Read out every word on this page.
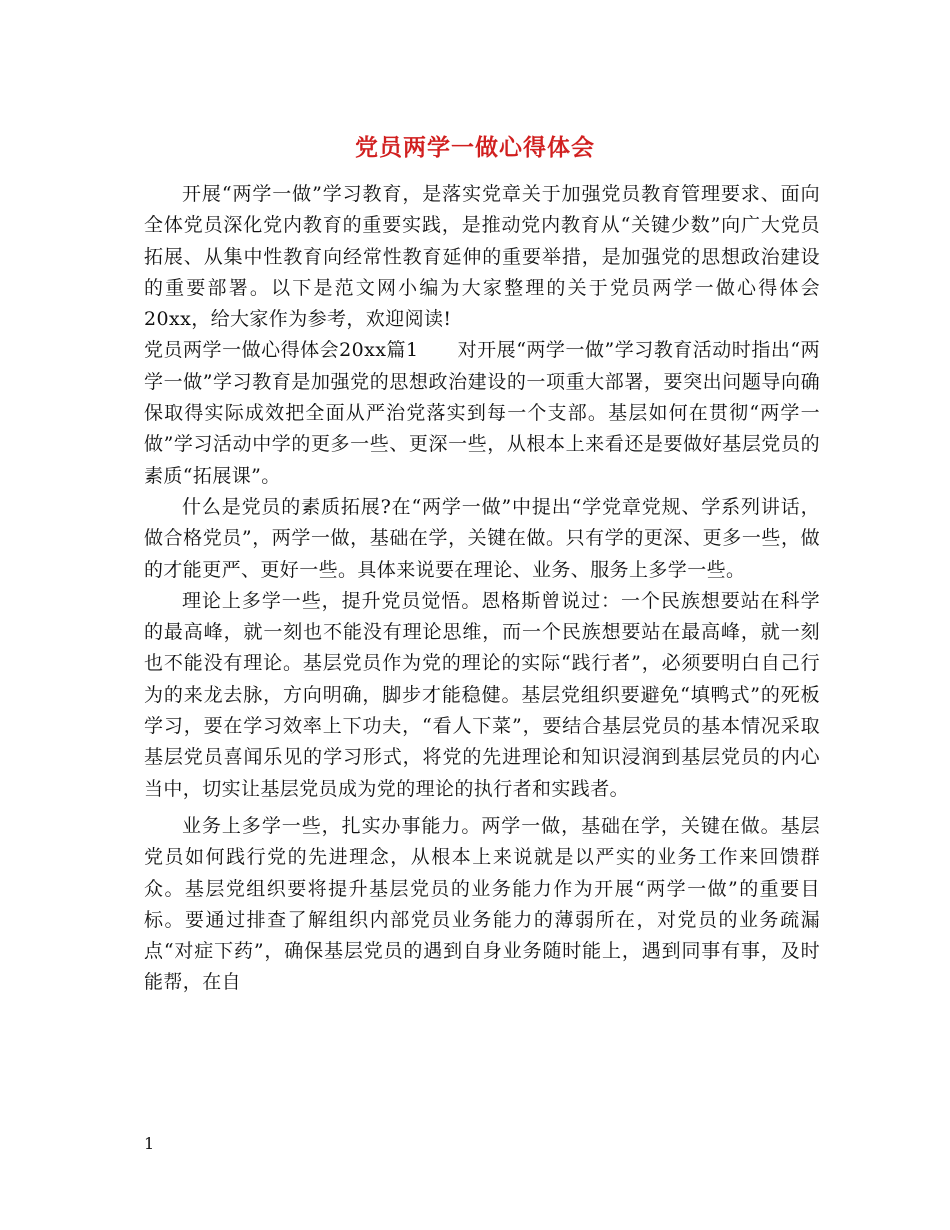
党员两学一做心得体会

开展“两学一做”学习教育，是落实党章关于加强党员教育管理要求、面向全体党员深化党内教育的重要实践，是推动党内教育从“关键少数”向广大党员拓展、从集中性教育向经常性教育延伸的重要举措，是加强党的思想政治建设的重要部署。以下是范文网小编为大家整理的关于党员两学一做心得体会20xx，给大家作为参考，欢迎阅读!

党员两学一做心得体会20xx篇1　　对开展“两学一做”学习教育活动时指出“两学一做”学习教育是加强党的思想政治建设的一项重大部署，要突出问题导向确保取得实际成效把全面从严治党落实到每一个支部。基层如何在贯彻“两学一做”学习活动中学的更多一些、更深一些，从根本上来看还是要做好基层党员的素质“拓展课”。

什么是党员的素质拓展?在“两学一做”中提出“学党章党规、学系列讲话，做合格党员”，两学一做，基础在学，关键在做。只有学的更深、更多一些，做的才能更严、更好一些。具体来说要在理论、业务、服务上多学一些。

理论上多学一些，提升党员觉悟。恩格斯曾说过：一个民族想要站在科学的最高峰，就一刻也不能没有理论思维，而一个民族想要站在最高峰，就一刻也不能没有理论。基层党员作为党的理论的实际“践行者”，必须要明白自己行为的来龙去脉，方向明确，脚步才能稳健。基层党组织要避免“填鸭式”的死板学习，要在学习效率上下功夫，“看人下菜”，要结合基层党员的基本情况采取基层党员喜闻乐见的学习形式，将党的先进理论和知识浸润到基层党员的内心当中，切实让基层党员成为党的理论的执行者和实践者。

业务上多学一些，扎实办事能力。两学一做，基础在学，关键在做。基层党员如何践行党的先进理念，从根本上来说就是以严实的业务工作来回馈群众。基层党组织要将提升基层党员的业务能力作为开展“两学一做”的重要目标。要通过排查了解组织内部党员业务能力的薄弱所在，对党员的业务疏漏点“对症下药”，确保基层党员的遇到自身业务随时能上，遇到同事有事，及时能帮，在自

1
